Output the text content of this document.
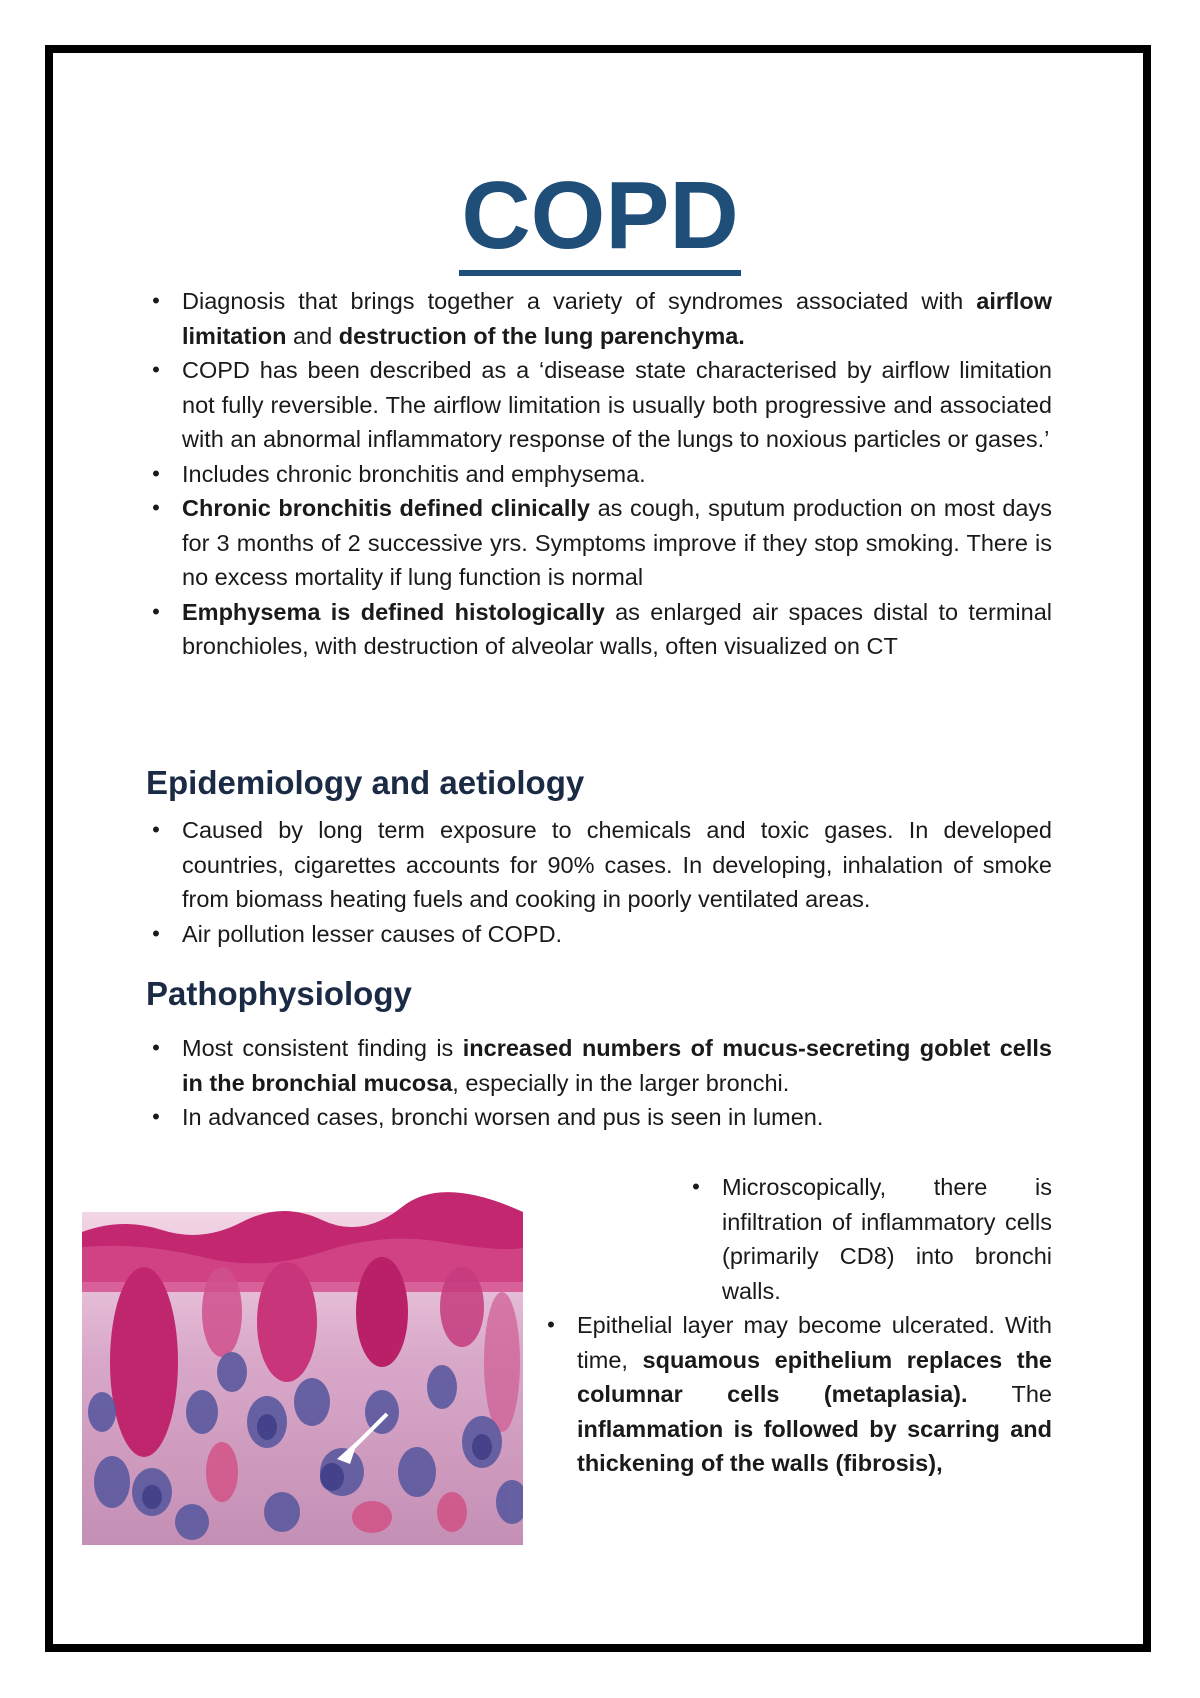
COPD
• Diagnosis that brings together a variety of syndromes associated with airflow limitation and destruction of the lung parenchyma.
• COPD has been described as a ‘disease state characterised by airflow limitation not fully reversible. The airflow limitation is usually both progressive and associated with an abnormal inflammatory response of the lungs to noxious particles or gases.’
• Includes chronic bronchitis and emphysema.
• Chronic bronchitis defined clinically as cough, sputum production on most days for 3 months of 2 successive yrs. Symptoms improve if they stop smoking. There is no excess mortality if lung function is normal
• Emphysema is defined histologically as enlarged air spaces distal to terminal bronchioles, with destruction of alveolar walls, often visualized on CT
Epidemiology and aetiology
• Caused by long term exposure to chemicals and toxic gases. In developed countries, cigarettes accounts for 90% cases. In developing, inhalation of smoke from biomass heating fuels and cooking in poorly ventilated areas.
• Air pollution lesser causes of COPD.
Pathophysiology
• Most consistent finding is increased numbers of mucus-secreting goblet cells in the bronchial mucosa, especially in the larger bronchi.
• In advanced cases, bronchi worsen and pus is seen in lumen.
• Microscopically, there is infiltration of inflammatory cells (primarily CD8) into bronchi walls.
• Epithelial layer may become ulcerated. With time, squamous epithelium replaces the columnar cells (metaplasia). The inflammation is followed by scarring and thickening of the walls (fibrosis),
